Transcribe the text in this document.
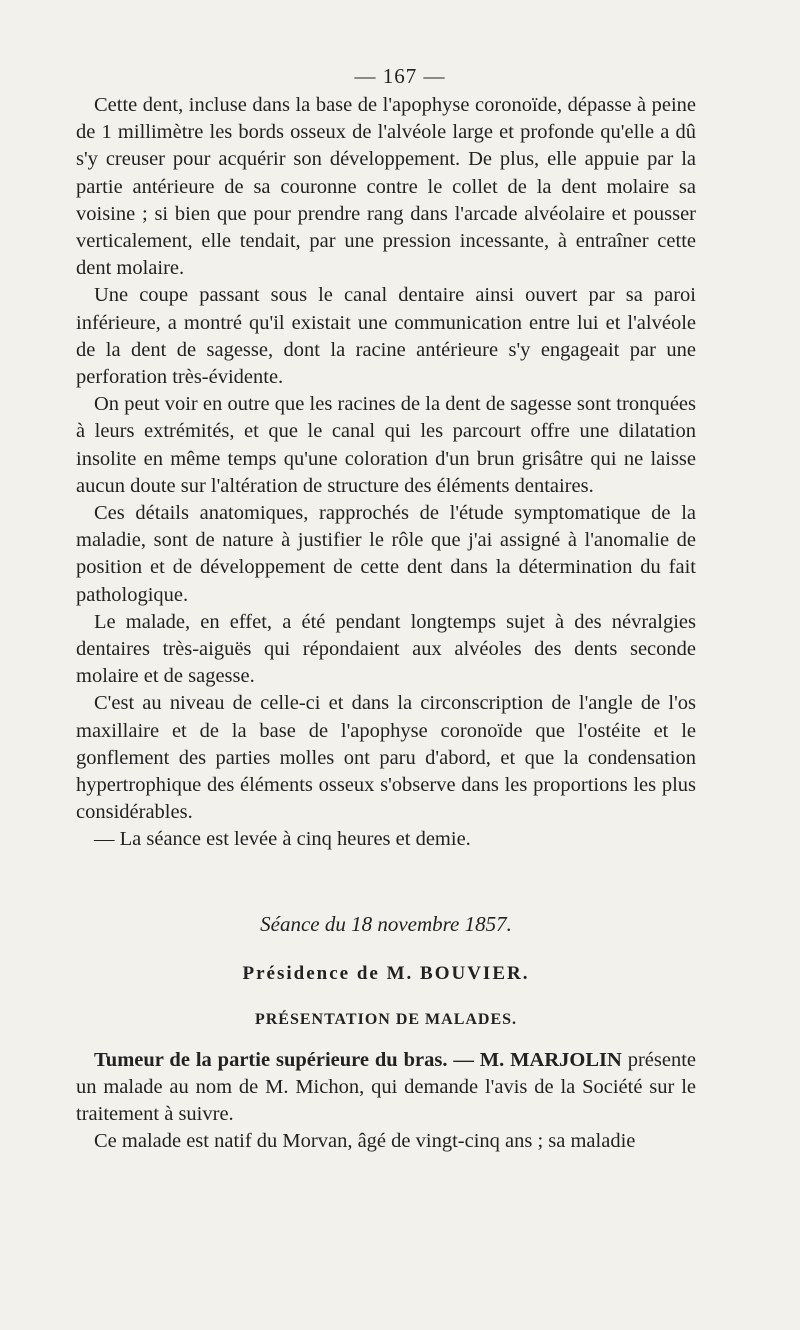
— 167 —

Cette dent, incluse dans la base de l'apophyse coronoïde, dépasse à peine de 1 millimètre les bords osseux de l'alvéole large et profonde qu'elle a dû s'y creuser pour acquérir son développement. De plus, elle appuie par la partie antérieure de sa couronne contre le collet de la dent molaire sa voisine ; si bien que pour prendre rang dans l'arcade alvéolaire et pousser verticalement, elle tendait, par une pression incessante, à entraîner cette dent molaire.

Une coupe passant sous le canal dentaire ainsi ouvert par sa paroi inférieure, a montré qu'il existait une communication entre lui et l'alvéole de la dent de sagesse, dont la racine antérieure s'y engageait par une perforation très-évidente.

On peut voir en outre que les racines de la dent de sagesse sont tronquées à leurs extrémités, et que le canal qui les parcourt offre une dilatation insolite en même temps qu'une coloration d'un brun grisâtre qui ne laisse aucun doute sur l'altération de structure des éléments dentaires.

Ces détails anatomiques, rapprochés de l'étude symptomatique de la maladie, sont de nature à justifier le rôle que j'ai assigné à l'anomalie de position et de développement de cette dent dans la détermination du fait pathologique.

Le malade, en effet, a été pendant longtemps sujet à des névralgies dentaires très-aiguës qui répondaient aux alvéoles des dents seconde molaire et de sagesse.

C'est au niveau de celle-ci et dans la circonscription de l'angle de l'os maxillaire et de la base de l'apophyse coronoïde que l'ostéite et le gonflement des parties molles ont paru d'abord, et que la condensation hypertrophique des éléments osseux s'observe dans les proportions les plus considérables.

— La séance est levée à cinq heures et demie.

Séance du 18 novembre 1857.
Présidence de M. BOUVIER.
PRÉSENTATION DE MALADES.

Tumeur de la partie supérieure du bras. — M. MARJOLIN présente un malade au nom de M. Michon, qui demande l'avis de la Société sur le traitement à suivre.

Ce malade est natif du Morvan, âgé de vingt-cinq ans ; sa maladie
